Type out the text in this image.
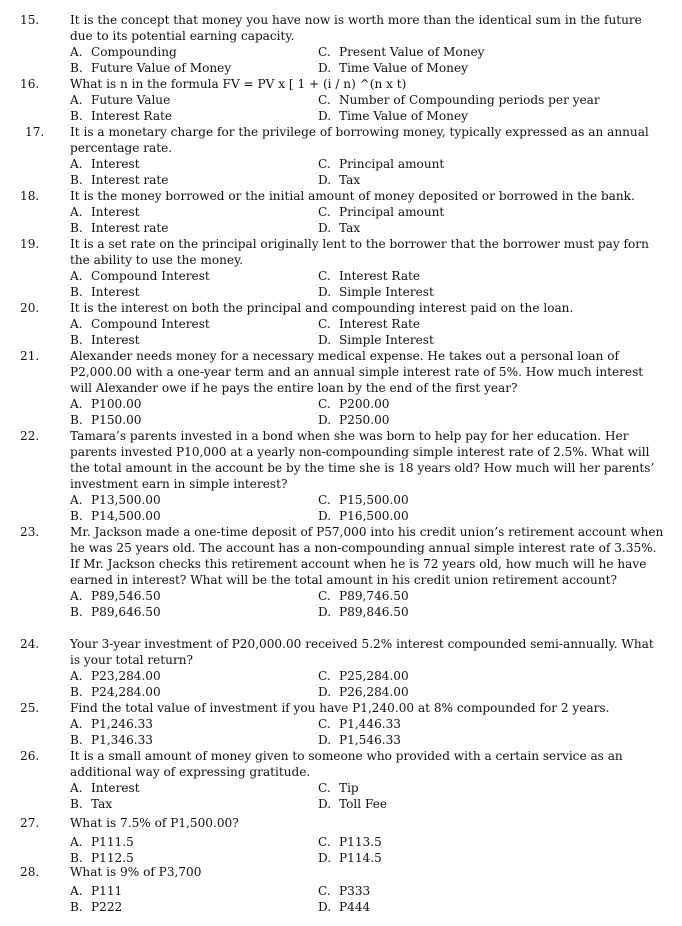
15.	It is the concept that money you have now is worth more than the identical sum in the future due to its potential earning capacity.
A. Compounding	C. Present Value of Money
B. Future Value of Money	D. Time Value of Money
16.	What is n in the formula FV = PV x [ 1 + (i / n) ^(n x t)
A. Future Value	C. Number of Compounding periods per year
B. Interest Rate	D. Time Value of Money
17.	It is a monetary charge for the privilege of borrowing money, typically expressed as an annual percentage rate.
A. Interest	C. Principal amount
B. Interest rate	D. Tax
18.	It is the money borrowed or the initial amount of money deposited or borrowed in the bank.
A. Interest	C. Principal amount
B. Interest rate	D. Tax
19.	It is a set rate on the principal originally lent to the borrower that the borrower must pay forn the ability to use the money.
A. Compound Interest	C. Interest Rate
B. Interest	D. Simple Interest
20.	It is the interest on both the principal and compounding interest paid on the loan.
A. Compound Interest	C. Interest Rate
B. Interest	D. Simple Interest
21.	Alexander needs money for a necessary medical expense. He takes out a personal loan of P2,000.00 with a one-year term and an annual simple interest rate of 5%. How much interest will Alexander owe if he pays the entire loan by the end of the first year?
A. P100.00	C. P200.00
B. P150.00	D. P250.00
22.	Tamara’s parents invested in a bond when she was born to help pay for her education. Her parents invested P10,000 at a yearly non-compounding simple interest rate of 2.5%. What will the total amount in the account be by the time she is 18 years old? How much will her parents’ investment earn in simple interest?
A. P13,500.00	C. P15,500.00
B. P14,500.00	D. P16,500.00
23.	Mr. Jackson made a one-time deposit of P57,000 into his credit union’s retirement account when he was 25 years old. The account has a non-compounding annual simple interest rate of 3.35%. If Mr. Jackson checks this retirement account when he is 72 years old, how much will he have earned in interest? What will be the total amount in his credit union retirement account?
A. P89,546.50	C. P89,746.50
B. P89,646.50	D. P89,846.50
24.	Your 3-year investment of P20,000.00 received 5.2% interest compounded semi-annually. What is your total return?
A. P23,284.00	C. P25,284.00
B. P24,284.00	D. P26,284.00
25.	Find the total value of investment if you have P1,240.00 at 8% compounded for 2 years.
A. P1,246.33	C. P1,446.33
B. P1,346.33	D. P1,546.33
26.	It is a small amount of money given to someone who provided with a certain service as an additional way of expressing gratitude.
A. Interest	C. Tip
B. Tax	D. Toll Fee
27.	What is 7.5% of P1,500.00?
A. P111.5	C. P113.5
B. P112.5	D. P114.5
28.	What is 9% of P3,700
A. P111	C. P333
B. P222	D. P444
